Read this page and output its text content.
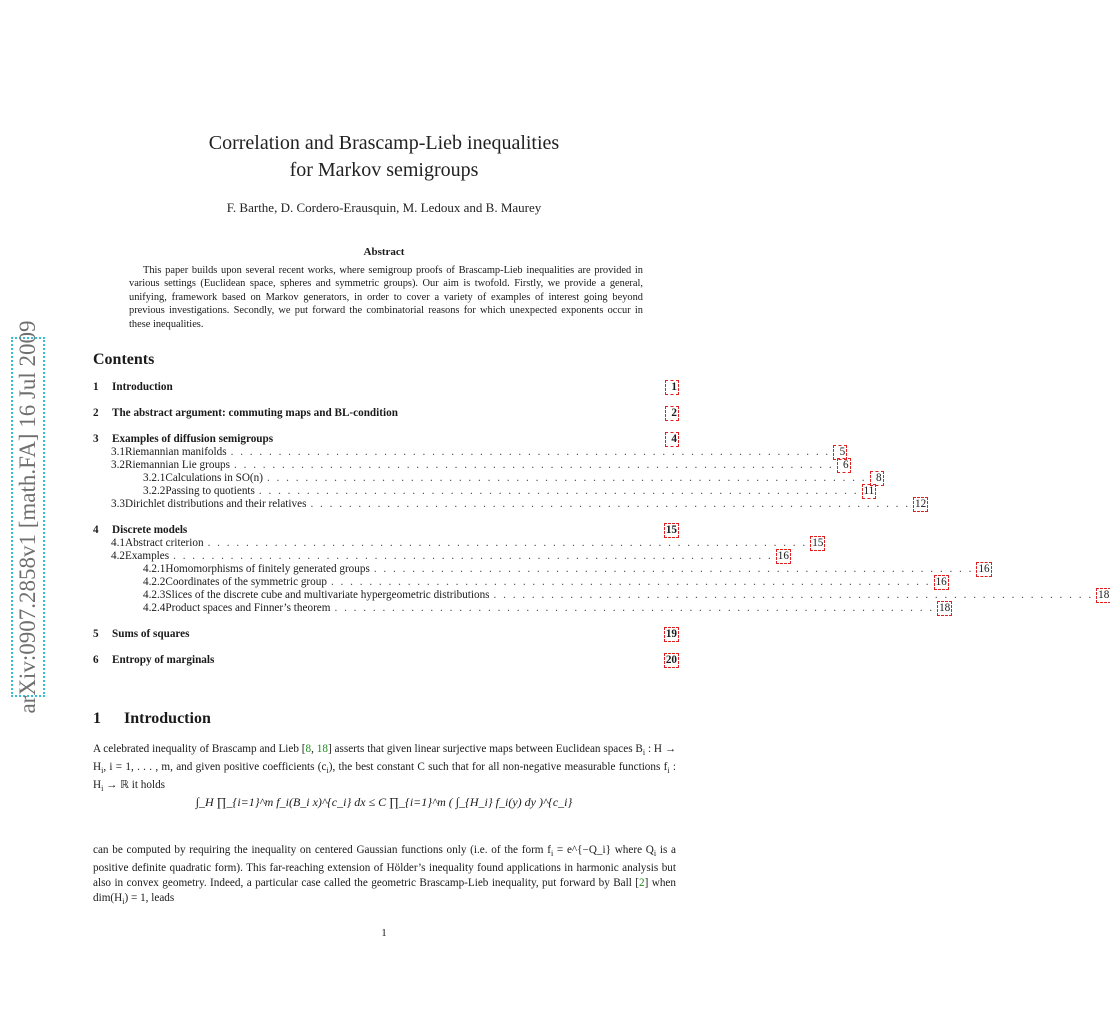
arXiv:0907.2858v1 [math.FA] 16 Jul 2009
Correlation and Brascamp-Lieb inequalities
for Markov semigroups
F. Barthe, D. Cordero-Erausquin, M. Ledoux and B. Maurey
Abstract
This paper builds upon several recent works, where semigroup proofs of Brascamp-Lieb inequalities are provided in various settings (Euclidean space, spheres and symmetric groups). Our aim is twofold. Firstly, we provide a general, unifying, framework based on Markov generators, in order to cover a variety of examples of interest going beyond previous investigations. Secondly, we put forward the combinatorial reasons for which unexpected exponents occur in these inequalities.
Contents
1	Introduction	1
2	The abstract argument: commuting maps and BL-condition	2
3	Examples of diffusion semigroups	4
3.1 Riemannian manifolds . . . . . . . . . . . . . . . . . . . . . . . . . . . . . . . . . . . . . . . . . . . . . . . . . . . . . . . . . . . . . . . 5
3.2 Riemannian Lie groups . . . . . . . . . . . . . . . . . . . . . . . . . . . . . . . . . . . . . . . . . . . . . . . . . . . . . . . . . . . . . . . 6
3.2.1 Calculations in SO(n) . . . . . . . . . . . . . . . . . . . . . . . . . . . . . . . . . . . . . . . . . . . . . . . . . . . . . . . . . . . . . . . 8
3.2.2 Passing to quotients . . . . . . . . . . . . . . . . . . . . . . . . . . . . . . . . . . . . . . . . . . . . . . . . . . . . . . . . . . . . . . . 11
3.3 Dirichlet distributions and their relatives . . . . . . . . . . . . . . . . . . . . . . . . . . . . . . . . . . . . . . . . . . . . . . . . . . . . . . . . . . . . . . . 12
4	Discrete models	15
4.1 Abstract criterion . . . . . . . . . . . . . . . . . . . . . . . . . . . . . . . . . . . . . . . . . . . . . . . . . . . . . . . . . . . . . . . 15
4.2 Examples . . . . . . . . . . . . . . . . . . . . . . . . . . . . . . . . . . . . . . . . . . . . . . . . . . . . . . . . . . . . . . . 16
4.2.1 Homomorphisms of finitely generated groups . . . . . . . . . . . . . . . . . . . . . . . . . . . . . . . . . . . . . . . . . . . . . . . . . . . . . . . . . . . . . . . 16
4.2.2 Coordinates of the symmetric group . . . . . . . . . . . . . . . . . . . . . . . . . . . . . . . . . . . . . . . . . . . . . . . . . . . . . . . . . . . . . . . 16
4.2.3 Slices of the discrete cube and multivariate hypergeometric distributions . . . . . . . . . . . . . . . . . . . . . . . . . . . . . . . . . . . . . . . . . . . . . . . . . . . . . . . . . . . . . . . 18
4.2.4 Product spaces and Finner’s theorem . . . . . . . . . . . . . . . . . . . . . . . . . . . . . . . . . . . . . . . . . . . . . . . . . . . . . . . . . . . . . . . 18
5	Sums of squares	19
6	Entropy of marginals	20
1 Introduction
A celebrated inequality of Brascamp and Lieb [8, 18] asserts that given linear surjective maps between Euclidean spaces $B_i$ : $H \to H_i$, i = 1, . . . , m, and given positive coefficients $(c_i)$, the best constant C such that for all non-negative measurable functions $f_i$ : $H_i$ → ℝ it holds
∫_H ∏_{i=1}^m f_i(B_i x)^{c_i} dx ≤ C ∏_{i=1}^m ( ∫_{H_i} f_i(y) dy )^{c_i}
can be computed by requiring the inequality on centered Gaussian functions only (i.e. of the form $f_i$ = e^{−Q_i} where $Q_i$ is a positive definite quadratic form). This far-reaching extension of Hölder’s inequality found applications in harmonic analysis but also in convex geometry. Indeed, a particular case called the geometric Brascamp-Lieb inequality, put forward by Ball [2] when $dim(H_i) = 1$, leads
1
